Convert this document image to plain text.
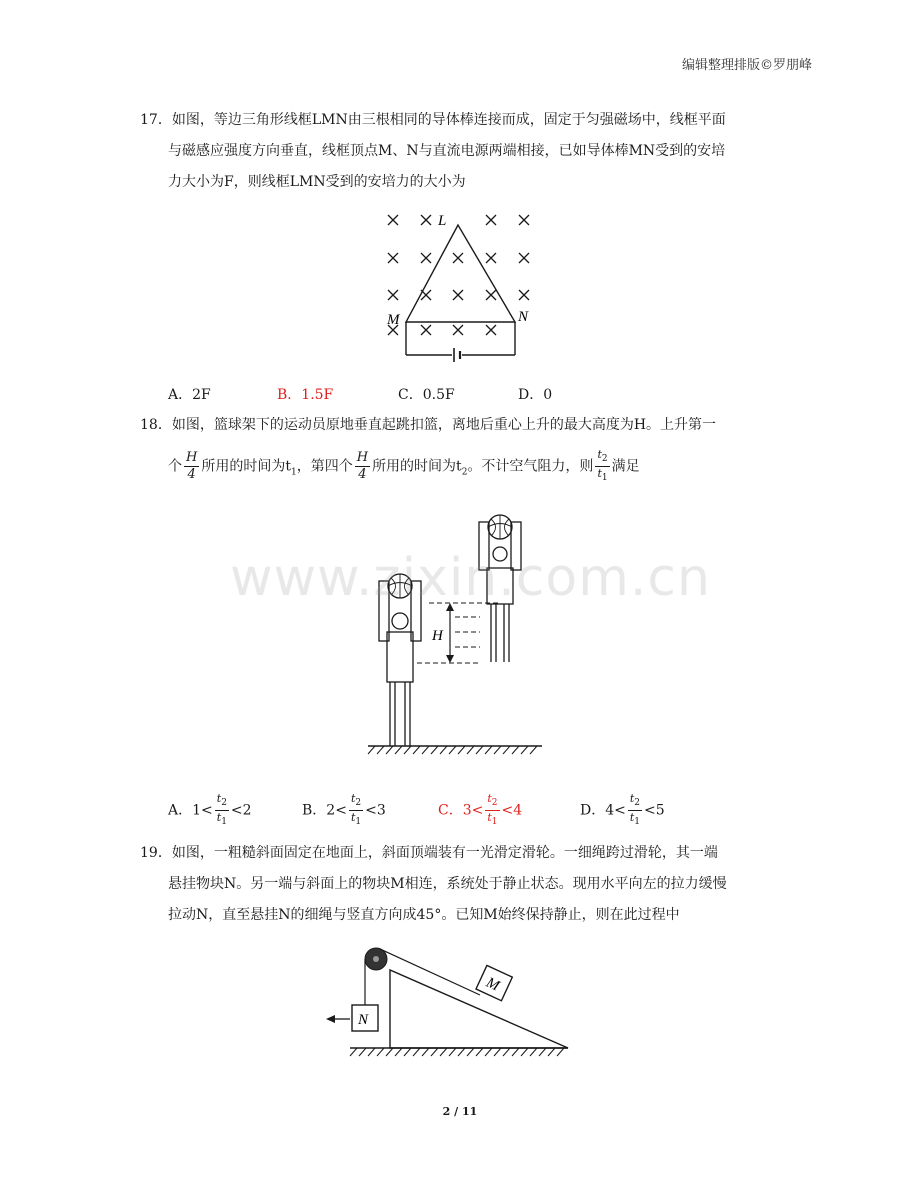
编辑整理排版©罗朋峰
17．如图，等边三角形线框LMN由三根相同的导体棒连接而成，固定于匀强磁场中，线框平面
与磁感应强度方向垂直，线框顶点M、N与直流电源两端相接，已如导体棒MN受到的安培
力大小为F，则线框LMN受到的安培力的大小为
L
M	N
A．2F	B．1.5F	C．0.5F	D．0
18．如图，篮球架下的运动员原地垂直起跳扣篮，离地后重心上升的最大高度为H。上升第一
个 $\frac{H}{4}$ 所用的时间为$t_1$，第四个 $\frac{H}{4}$ 所用的时间为$t_2$。不计空气阻力，则 $\frac{t_2}{t_1}$ 满足
H
A．$1< \frac{t_2}{t_1} <2$	B．$2< \frac{t_2}{t_1} <3$	C．$3< \frac{t_2}{t_1} <4$	D．$4< \frac{t_2}{t_1} <5$
19．如图，一粗糙斜面固定在地面上，斜面顶端装有一光滑定滑轮。一细绳跨过滑轮，其一端
悬挂物块N。另一端与斜面上的物块M相连，系统处于静止状态。现用水平向左的拉力缓慢
拉动N，直至悬挂N的细绳与竖直方向成45°。已知M始终保持静止，则在此过程中
M
N
www.zixin.com.cn
2 / 11
